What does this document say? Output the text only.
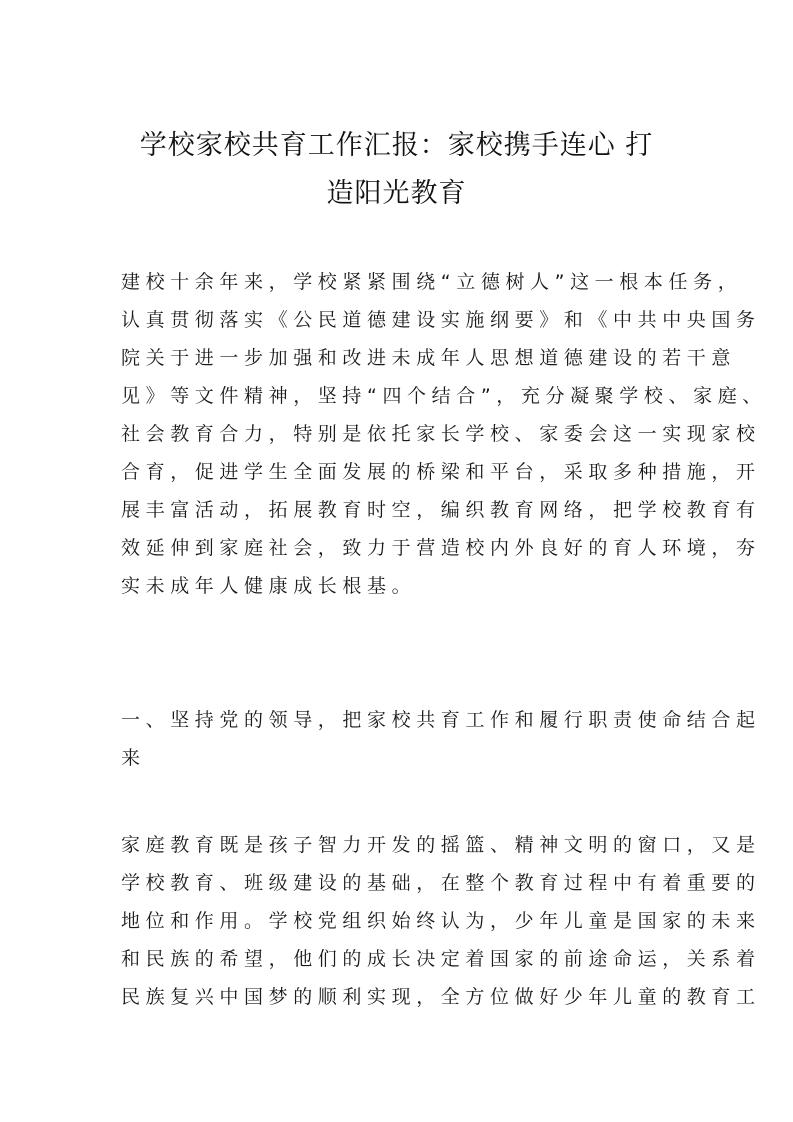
学校家校共育工作汇报：家校携手连心 打
造阳光教育
建校十余年来，学校紧紧围绕“立德树人”这一根本任务，
认真贯彻落实《公民道德建设实施纲要》和《中共中央国务
院关于进一步加强和改进未成年人思想道德建设的若干意
见》等文件精神，坚持“四个结合”，充分凝聚学校、家庭、
社会教育合力，特别是依托家长学校、家委会这一实现家校
合育，促进学生全面发展的桥梁和平台，采取多种措施，开
展丰富活动，拓展教育时空，编织教育网络，把学校教育有
效延伸到家庭社会，致力于营造校内外良好的育人环境，夯
实未成年人健康成长根基。
一、坚持党的领导，把家校共育工作和履行职责使命结合起
来
家庭教育既是孩子智力开发的摇篮、精神文明的窗口，又是
学校教育、班级建设的基础，在整个教育过程中有着重要的
地位和作用。学校党组织始终认为，少年儿童是国家的未来
和民族的希望，他们的成长决定着国家的前途命运，关系着
民族复兴中国梦的顺利实现，全方位做好少年儿童的教育工
